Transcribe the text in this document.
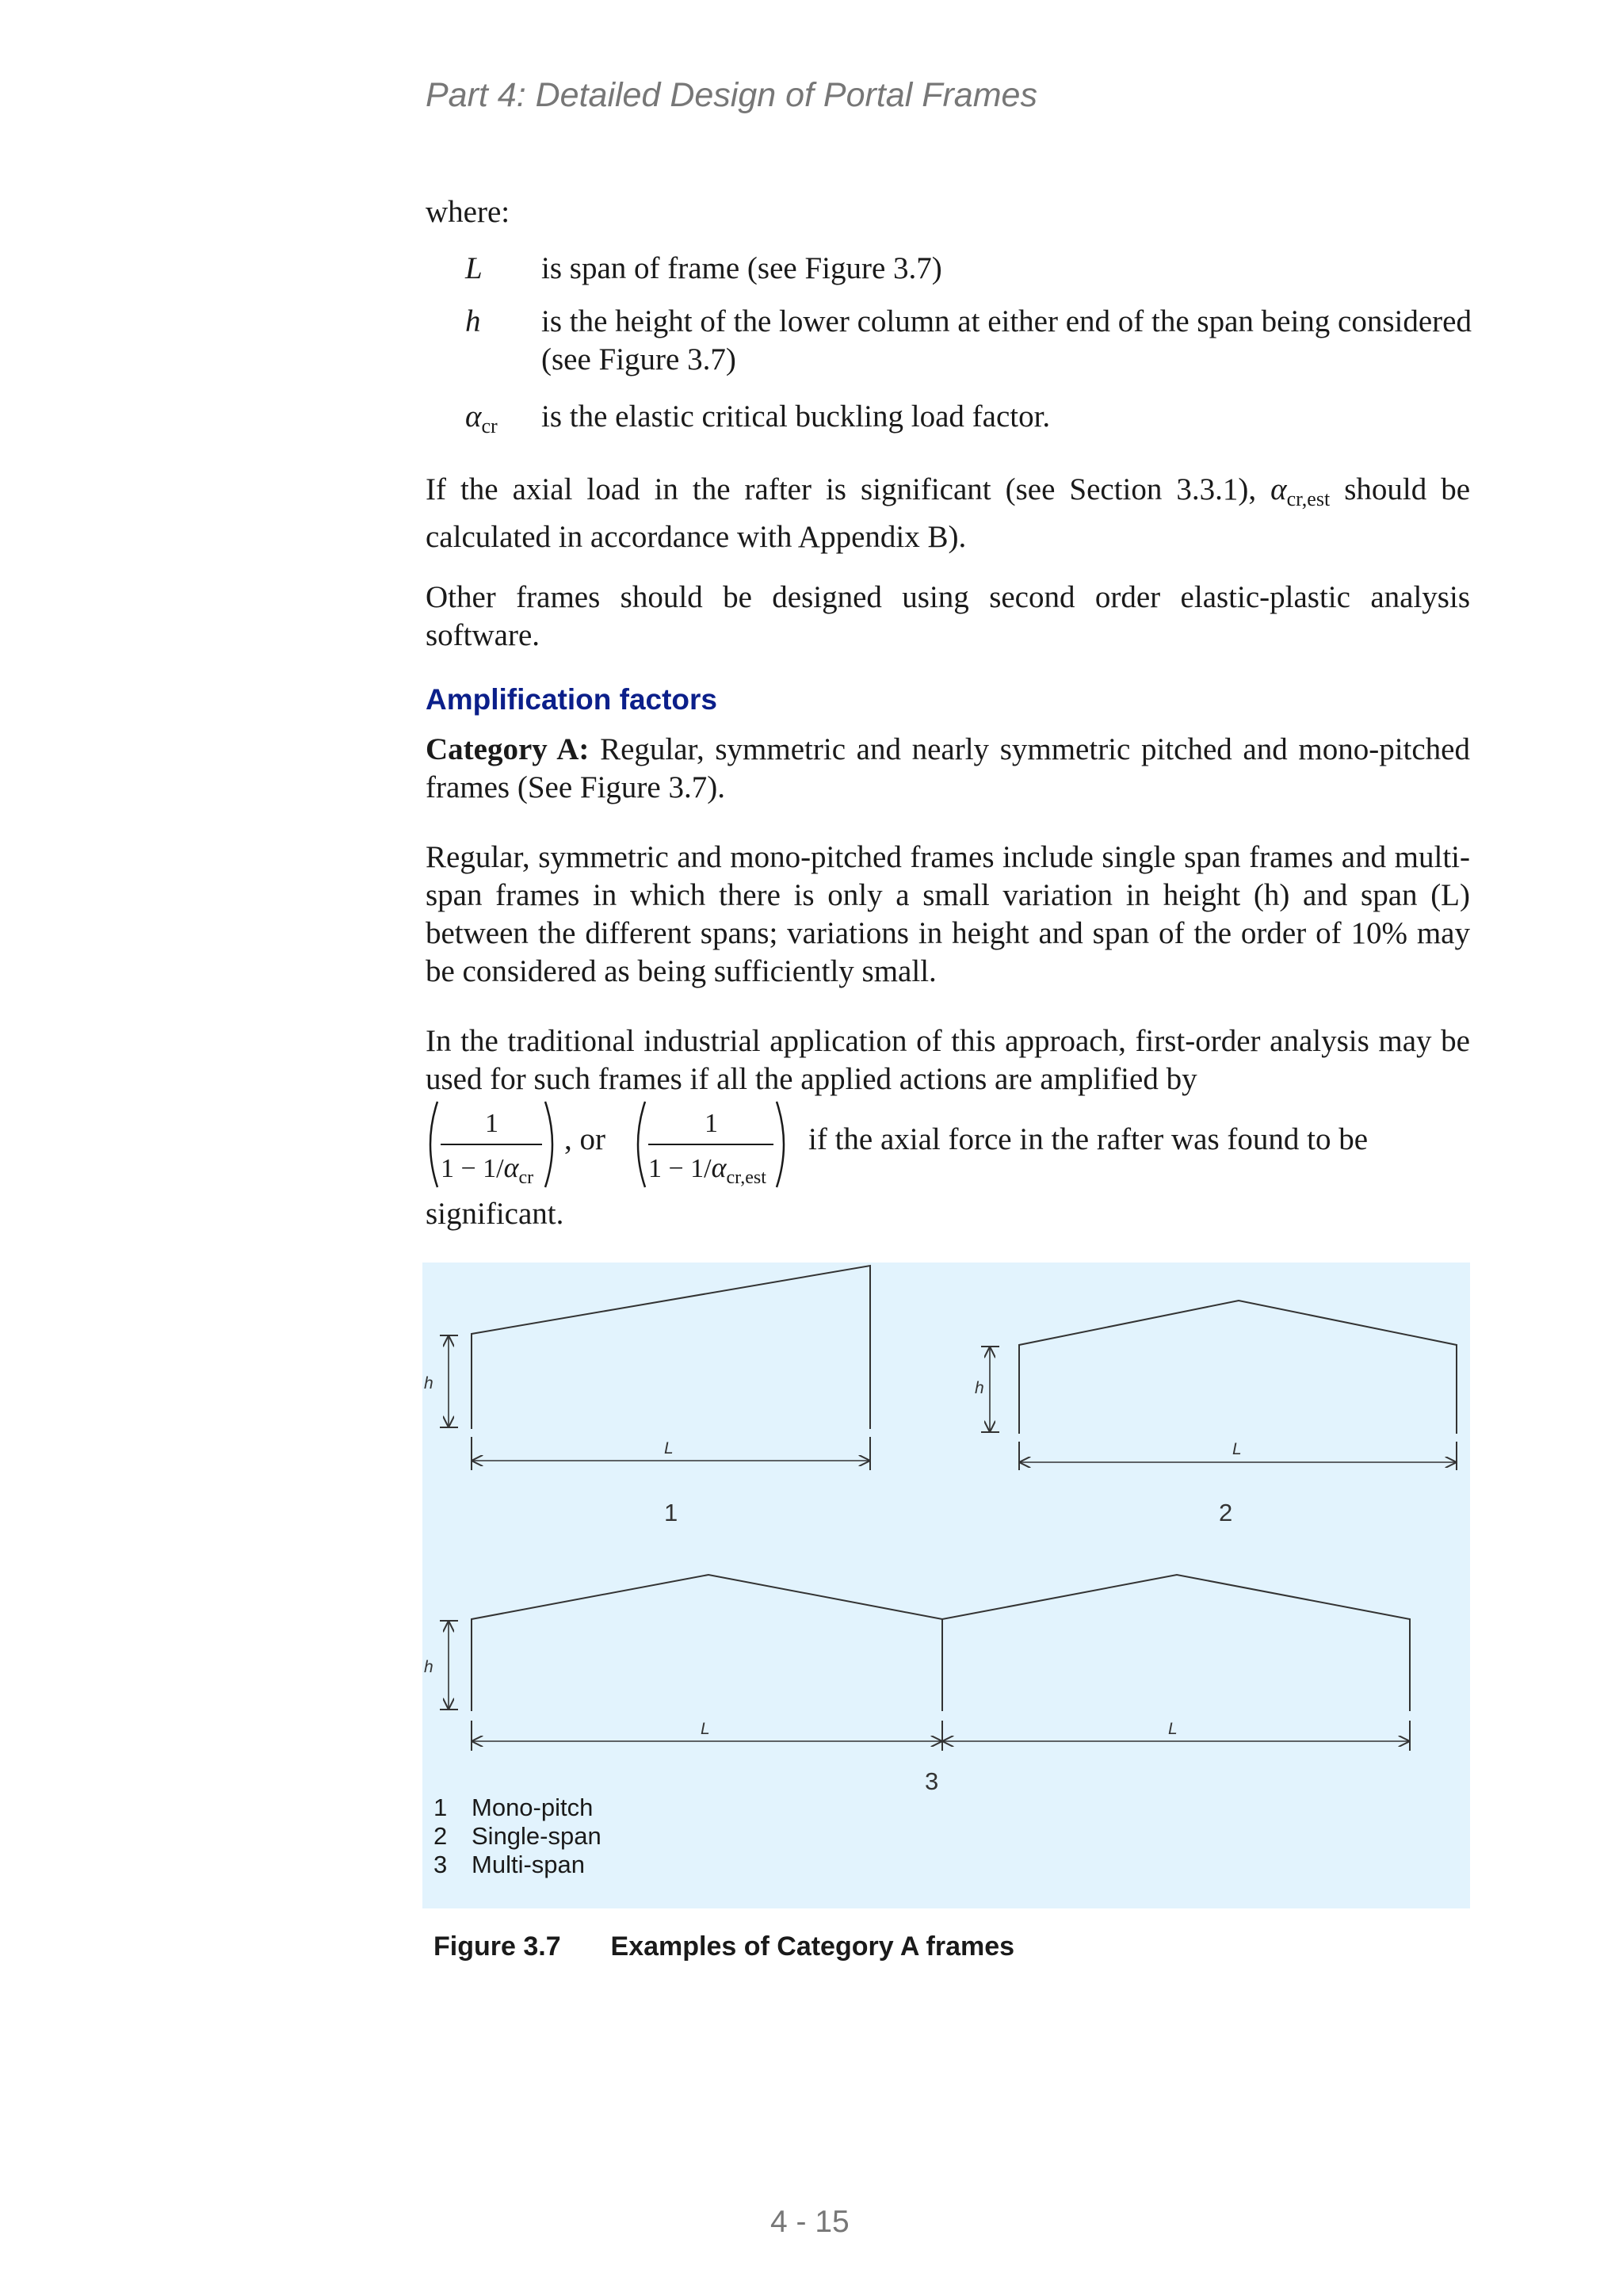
Part 4: Detailed Design of Portal Frames
where:
L is span of frame (see Figure 3.7)
h is the height of the lower column at either end of the span being considered (see Figure 3.7)
αcr is the elastic critical buckling load factor.
If the axial load in the rafter is significant (see Section 3.3.1), $\alpha_{cr,est}$ should be calculated in accordance with Appendix B).
Other frames should be designed using second order elastic-plastic analysis software.
Amplification factors
Category A: Regular, symmetric and nearly symmetric pitched and mono-pitched frames (See Figure 3.7).
Regular, symmetric and mono-pitched frames include single span frames and multi-span frames in which there is only a small variation in height (h) and span (L) between the different spans; variations in height and span of the order of 10% may be considered as being sufficiently small.
In the traditional industrial application of this approach, first-order analysis may be used for such frames if all the applied actions are amplified by
1
$1 - 1/\alpha_{cr}$
, or	1
$1 - 1/\alpha_{cr,est}$
if the axial force in the rafter was found to be
significant.
h
L
h
L
h
L	L
1	2
3
1 Mono-pitch
2 Single-span
3 Multi-span
Figure 3.7 Examples of Category A frames
4 - 15
